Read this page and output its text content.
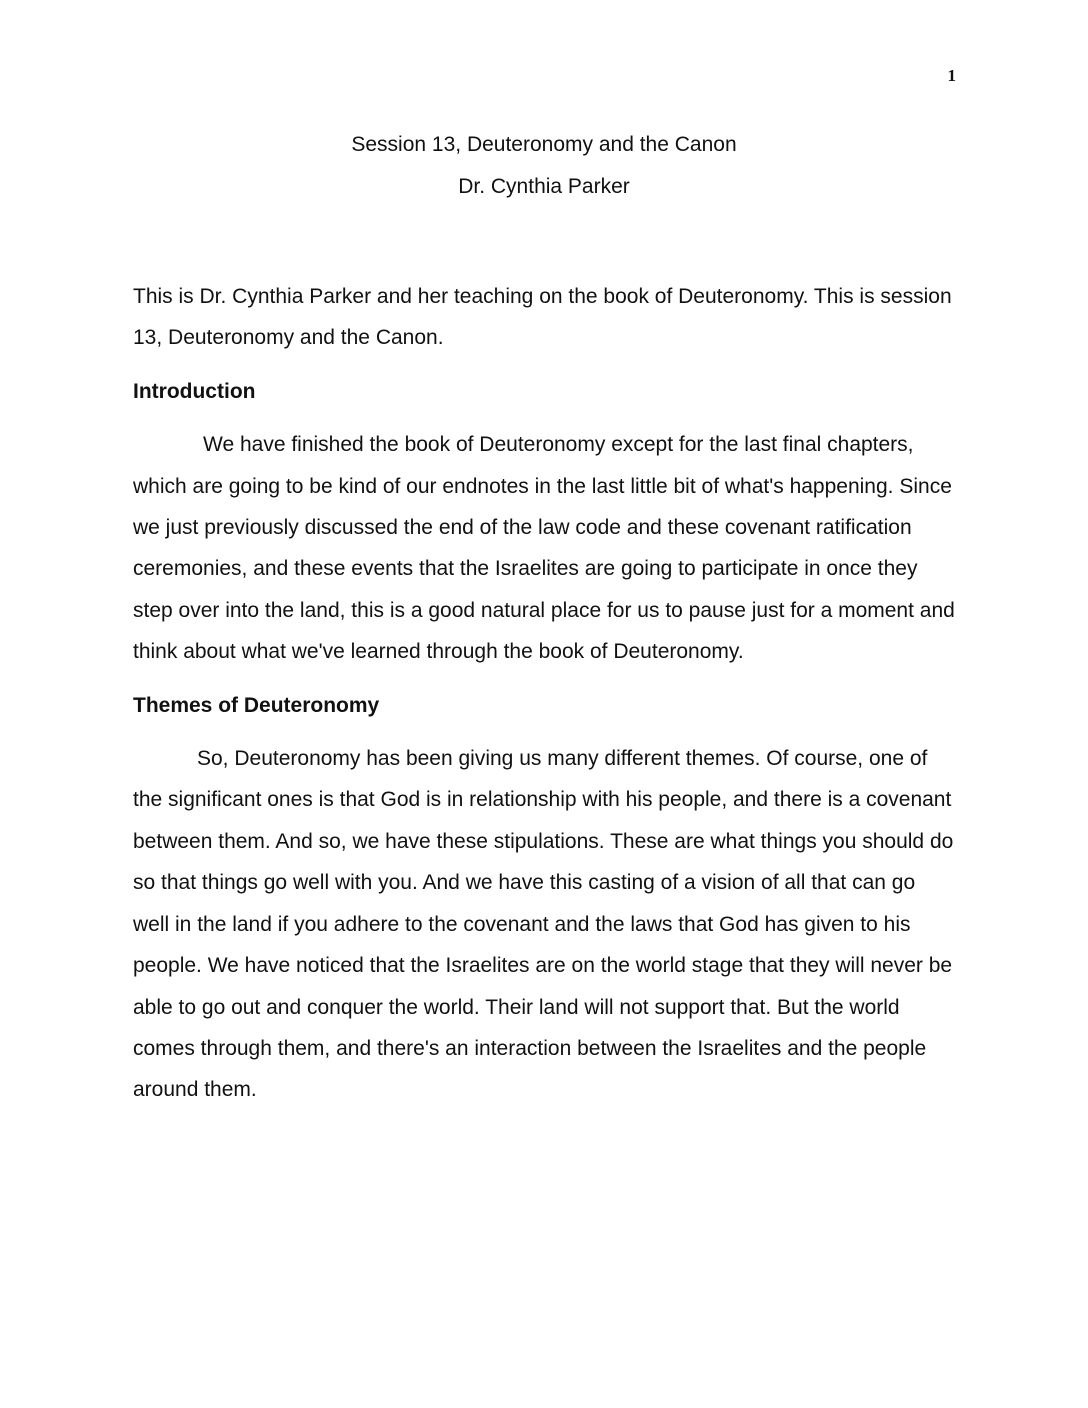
1
Session 13, Deuteronomy and the Canon
Dr. Cynthia Parker

This is Dr. Cynthia Parker and her teaching on the book of Deuteronomy. This is session 13, Deuteronomy and the Canon.

Introduction

We have finished the book of Deuteronomy except for the last final chapters, which are going to be kind of our endnotes in the last little bit of what's happening. Since we just previously discussed the end of the law code and these covenant ratification ceremonies, and these events that the Israelites are going to participate in once they step over into the land, this is a good natural place for us to pause just for a moment and think about what we've learned through the book of Deuteronomy.

Themes of Deuteronomy

So, Deuteronomy has been giving us many different themes. Of course, one of the significant ones is that God is in relationship with his people, and there is a covenant between them. And so, we have these stipulations. These are what things you should do so that things go well with you. And we have this casting of a vision of all that can go well in the land if you adhere to the covenant and the laws that God has given to his people. We have noticed that the Israelites are on the world stage that they will never be able to go out and conquer the world. Their land will not support that. But the world comes through them, and there's an interaction between the Israelites and the people around them.
